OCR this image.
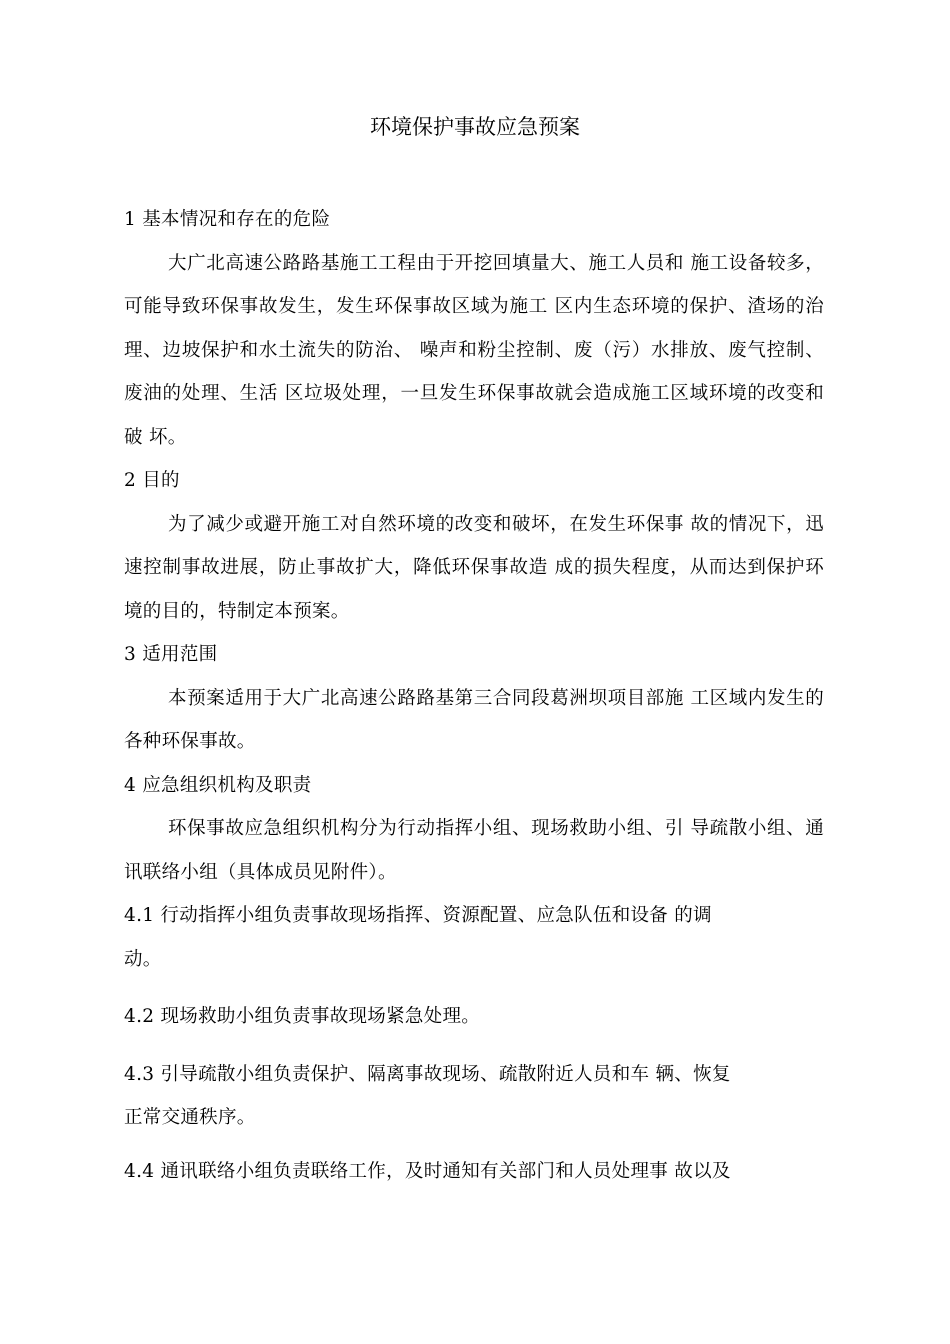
环境保护事故应急预案

1 基本情况和存在的危险

大广北高速公路路基施工工程由于开挖回填量大、施工人员和 施工设备较多，可能导致环保事故发生，发生环保事故区域为施工 区内生态环境的保护、渣场的治理、边坡保护和水土流失的防治、 噪声和粉尘控制、废（污）水排放、废气控制、废油的处理、生活 区垃圾处理，一旦发生环保事故就会造成施工区域环境的改变和破 坏。

2 目的

为了减少或避开施工对自然环境的改变和破坏，在发生环保事 故的情况下，迅速控制事故进展，防止事故扩大，降低环保事故造 成的损失程度，从而达到保护环境的目的，特制定本预案。

3 适用范围

本预案适用于大广北高速公路路基第三合同段葛洲坝项目部施 工区域内发生的各种环保事故。

4 应急组织机构及职责

环保事故应急组织机构分为行动指挥小组、现场救助小组、引 导疏散小组、通讯联络小组（具体成员见附件）。

4.1 行动指挥小组负责事故现场指挥、资源配置、应急队伍和设备 的调
动。
4.2 现场救助小组负责事故现场紧急处理。
4.3 引导疏散小组负责保护、隔离事故现场、疏散附近人员和车 辆、恢复
正常交通秩序。
4.4 通讯联络小组负责联络工作，及时通知有关部门和人员处理事 故以及
